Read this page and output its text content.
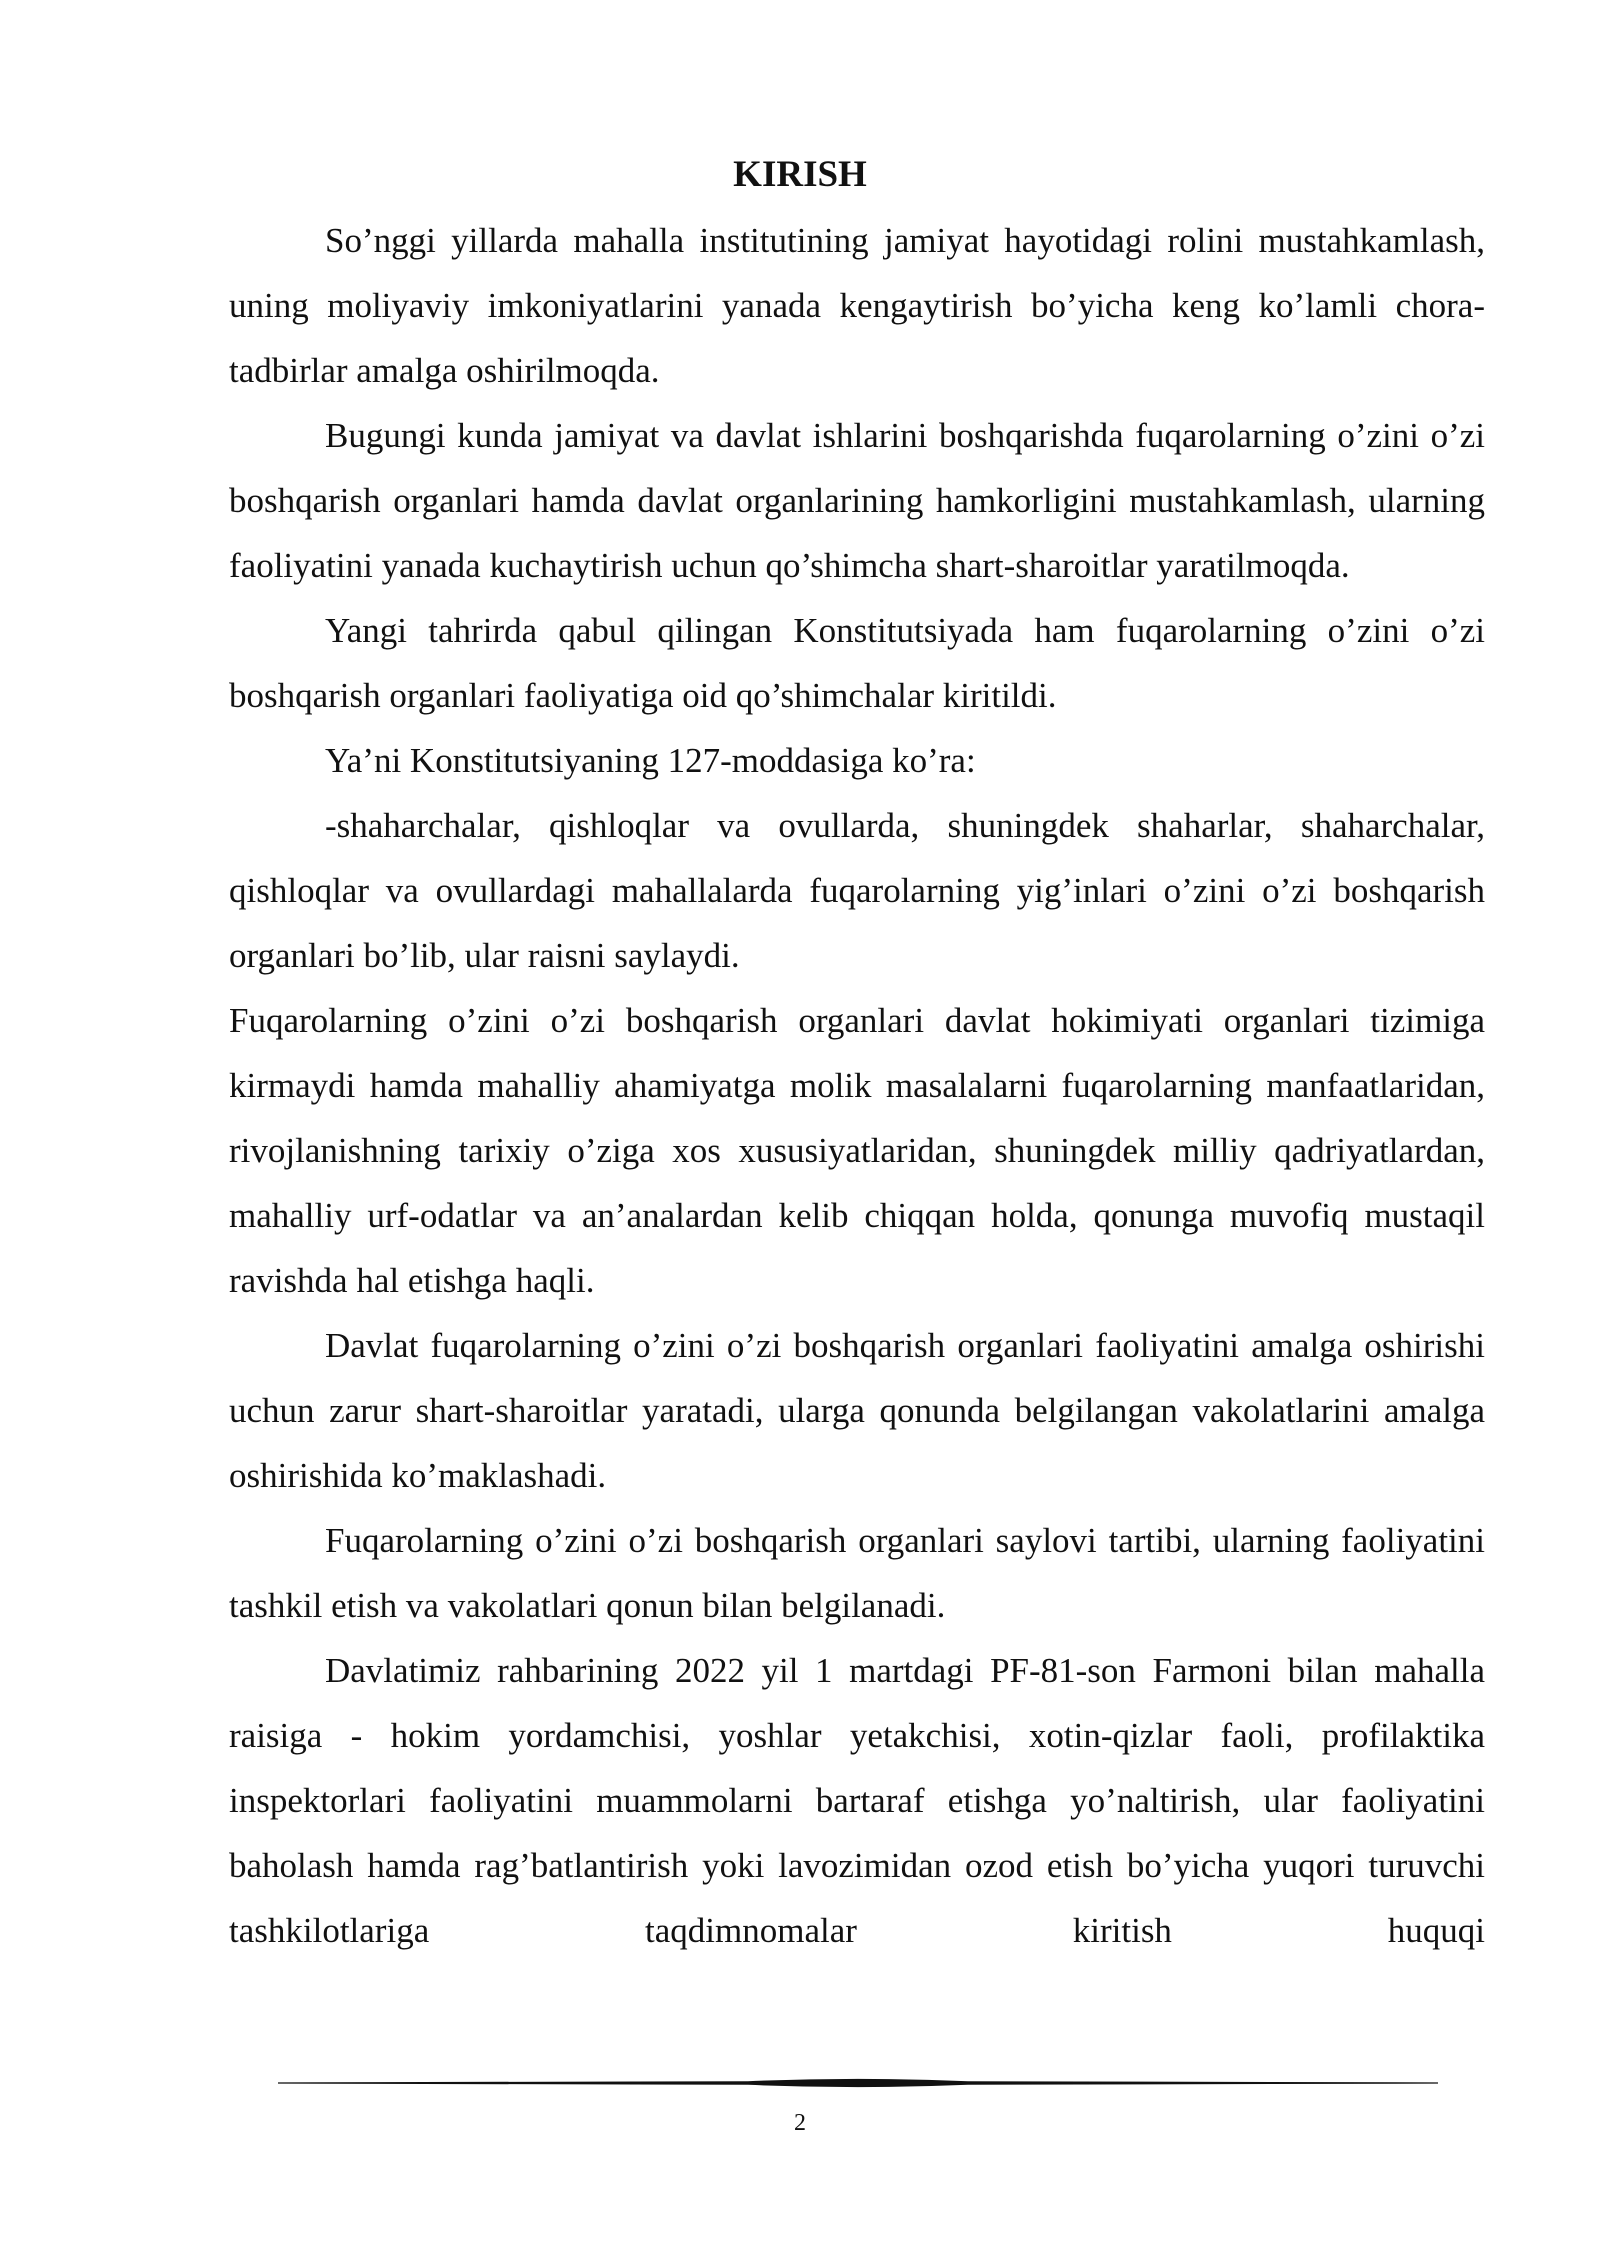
KIRISH

So’nggi yillarda mahalla institutining jamiyat hayotidagi rolini mustahkamlash, uning moliyaviy imkoniyatlarini yanada kengaytirish bo’yicha keng ko’lamli chora-tadbirlar amalga oshirilmoqda.

Bugungi kunda jamiyat va davlat ishlarini boshqarishda fuqarolarning o’zini o’zi boshqarish organlari hamda davlat organlarining hamkorligini mustahkamlash, ularning faoliyatini yanada kuchaytirish uchun qo’shimcha shart-sharoitlar yaratilmoqda.

Yangi tahrirda qabul qilingan Konstitutsiyada ham fuqarolarning o’zini o’zi boshqarish organlari faoliyatiga oid qo’shimchalar kiritildi.

Ya’ni Konstitutsiyaning 127-moddasiga ko’ra:

-shaharchalar, qishloqlar va ovullarda, shuningdek shaharlar, shaharchalar, qishloqlar va ovullardagi mahallalarda fuqarolarning yig’inlari o’zini o’zi boshqarish organlari bo’lib, ular raisni saylaydi.

Fuqarolarning o’zini o’zi boshqarish organlari davlat hokimiyati organlari tizimiga kirmaydi hamda mahalliy ahamiyatga molik masalalarni fuqarolarning manfaatlaridan, rivojlanishning tarixiy o’ziga xos xususiyatlaridan, shuningdek milliy qadriyatlardan, mahalliy urf-odatlar va an’analardan kelib chiqqan holda, qonunga muvofiq mustaqil ravishda hal etishga haqli.

Davlat fuqarolarning o’zini o’zi boshqarish organlari faoliyatini amalga oshirishi uchun zarur shart-sharoitlar yaratadi, ularga qonunda belgilangan vakolatlarini amalga oshirishida ko’maklashadi.

Fuqarolarning o’zini o’zi boshqarish organlari saylovi tartibi, ularning faoliyatini tashkil etish va vakolatlari qonun bilan belgilanadi.

Davlatimiz rahbarining 2022 yil 1 martdagi PF-81-son Farmoni bilan mahalla raisiga - hokim yordamchisi, yoshlar yetakchisi, xotin-qizlar faoli, profilaktika inspektorlari faoliyatini muammolarni bartaraf etishga yo’naltirish, ular faoliyatini baholash hamda rag’batlantirish yoki lavozimidan ozod etish bo’yicha yuqori turuvchi tashkilotlariga taqdimnomalar kiritish huquqi

2
